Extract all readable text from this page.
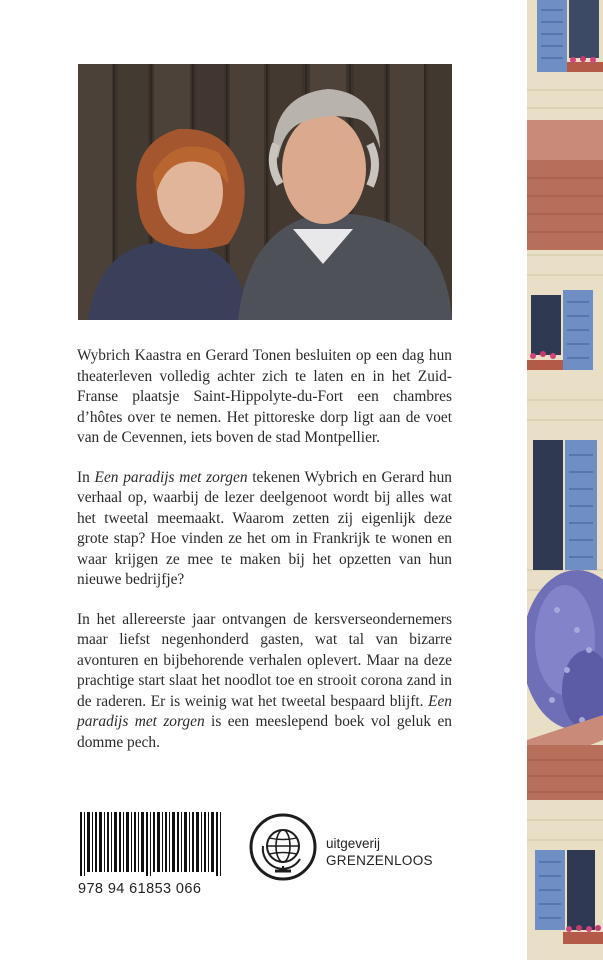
Wybrich Kaastra en Gerard Tonen besluiten op een dag hun theaterleven volledig achter zich te laten en in het Zuid-Franse plaatsje Saint-Hippolyte-du-Fort een chambres d’hôtes over te nemen. Het pittoreske dorp ligt aan de voet van de Cevennen, iets boven de stad Montpellier.

In Een paradijs met zorgen tekenen Wybrich en Gerard hun verhaal op, waarbij de lezer deelgenoot wordt bij alles wat het tweetal meemaakt. Waarom zetten zij eigenlijk deze grote stap? Hoe vinden ze het om in Frankrijk te wonen en waar krijgen ze mee te maken bij het opzetten van hun nieuwe bedrijfje?

In het allereerste jaar ontvangen de kersverseondernemers maar liefst negenhonderd gasten, wat tal van bizarre avonturen en bijbehorende verhalen oplevert. Maar na deze prachtige start slaat het noodlot toe en strooit corona zand in de raderen. Er is weinig wat het tweetal bespaard blijft. Een paradijs met zorgen is een meeslepend boek vol geluk en domme pech.

978 94 61853 066
uitgeverij
GRENZENLOOS
